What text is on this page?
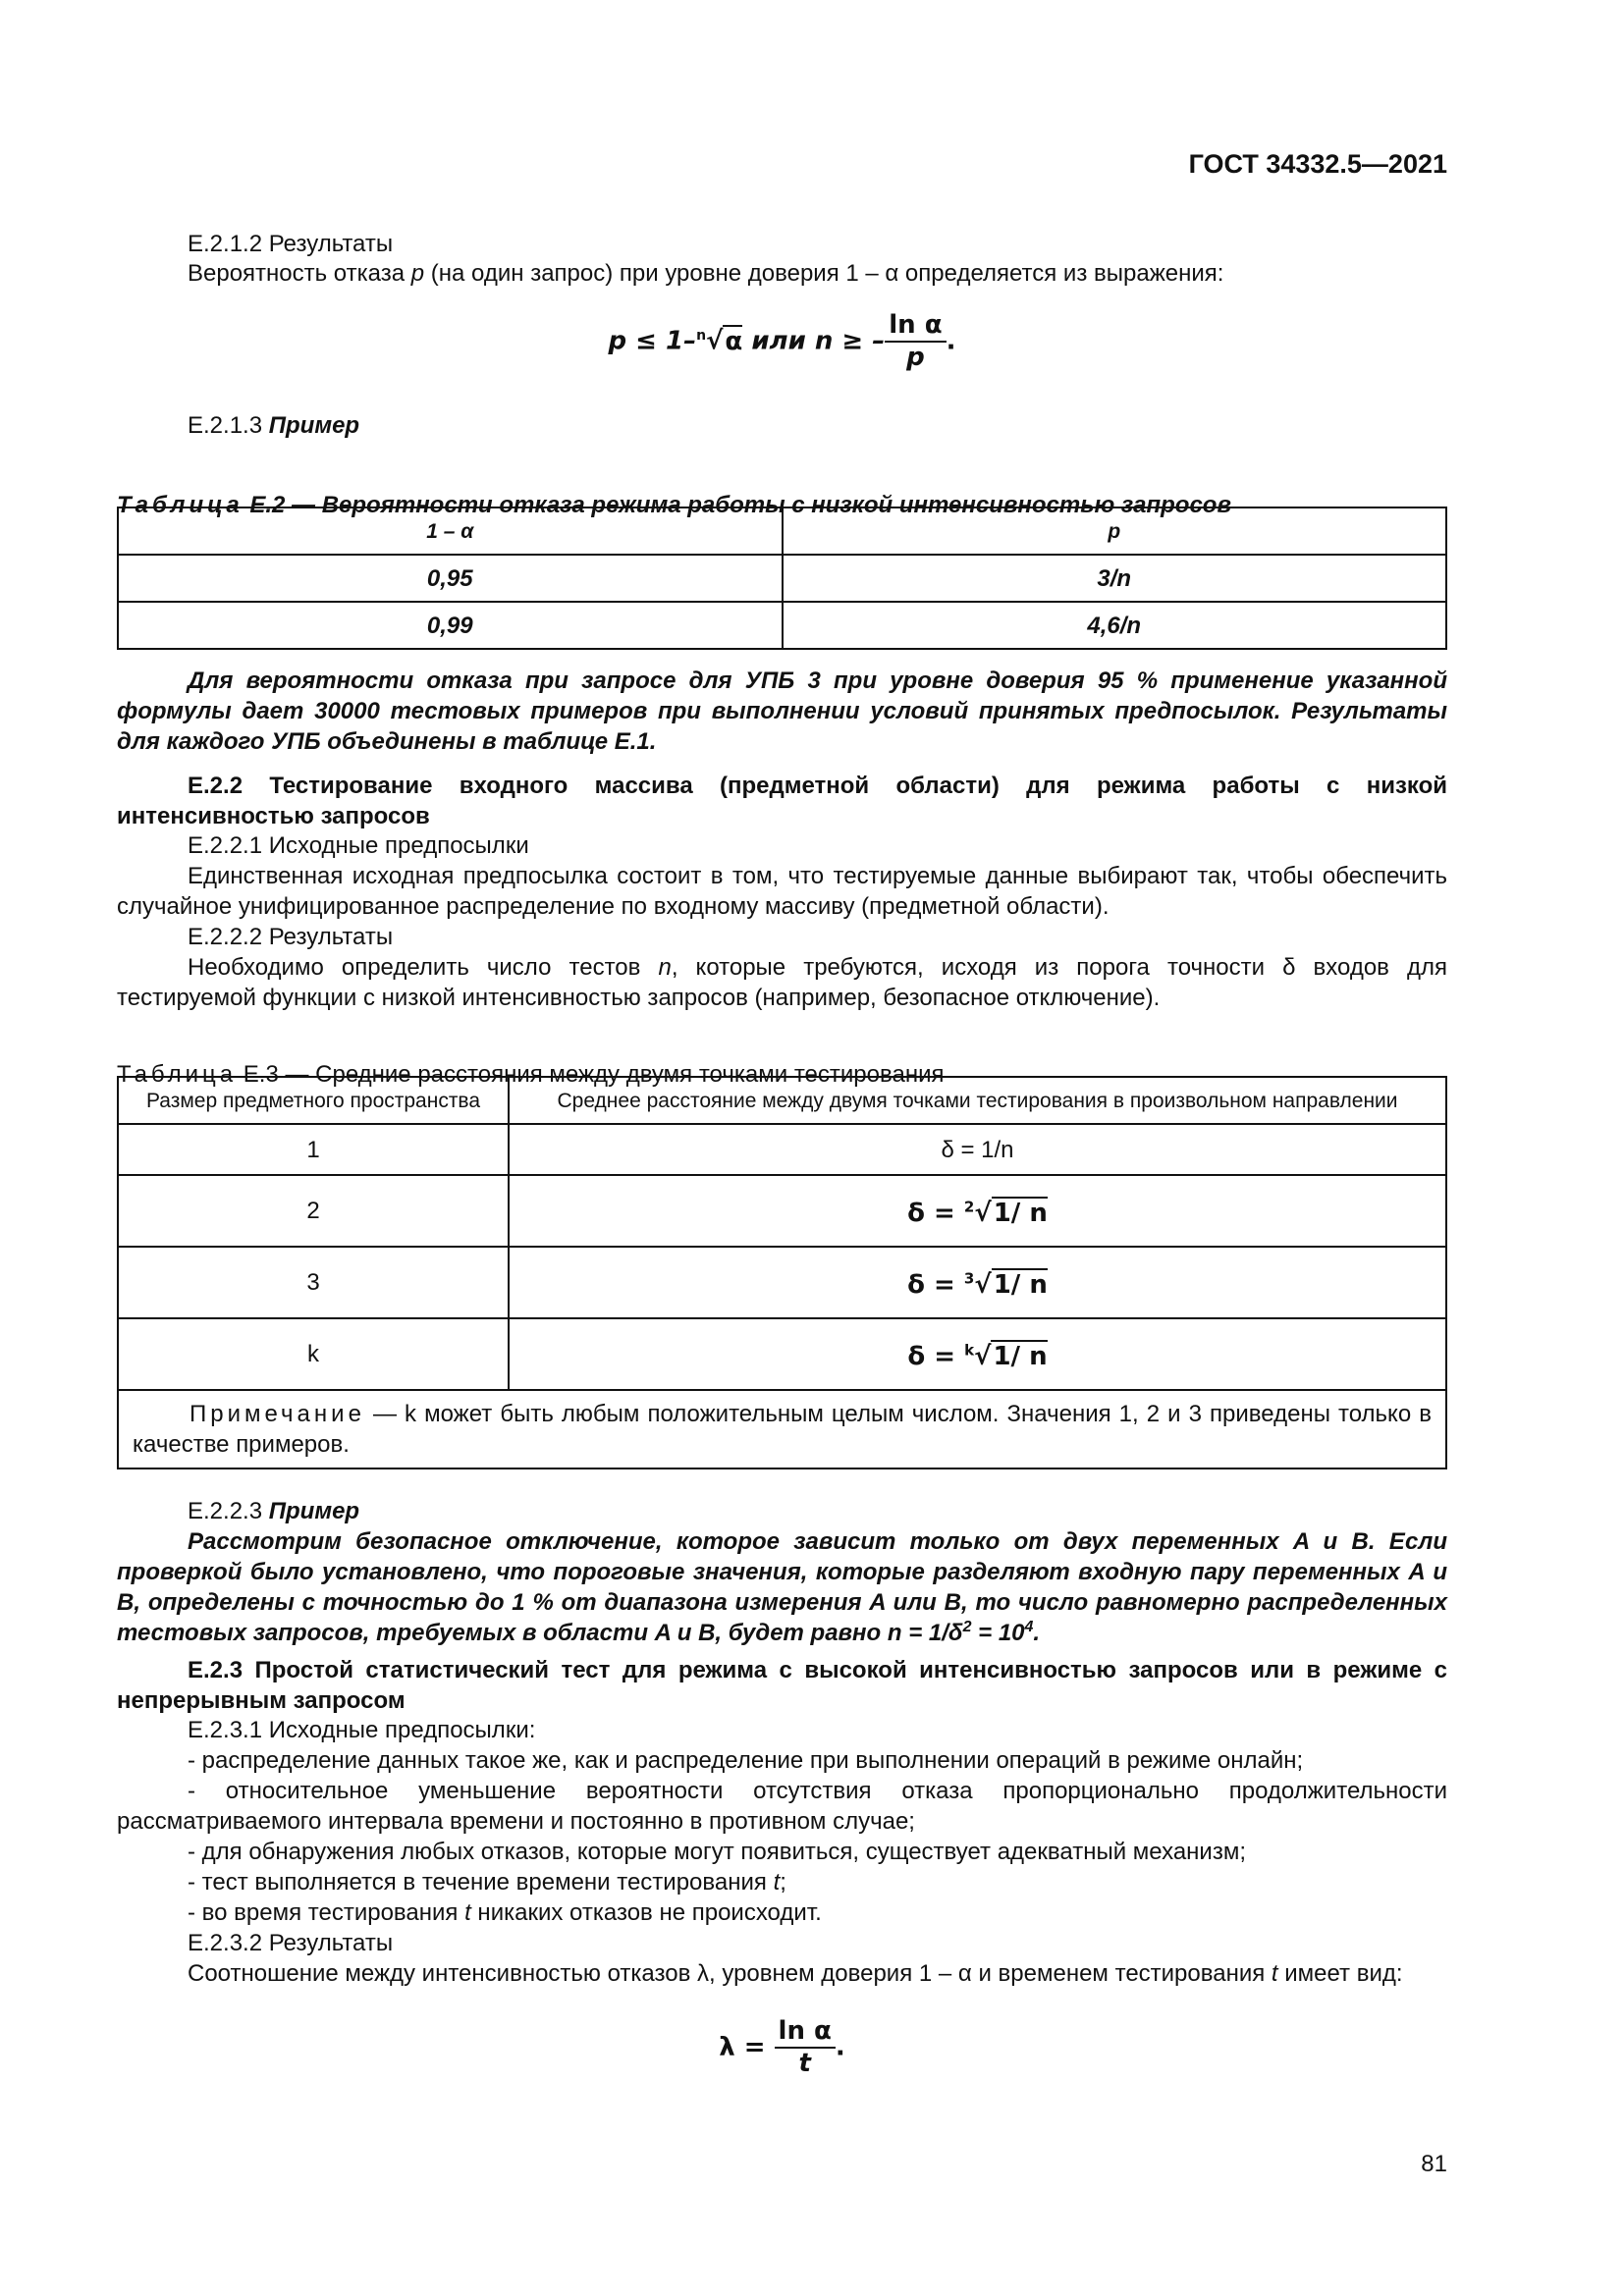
ГОСТ 34332.5—2021

Е.2.1.2 Результаты

Вероятность отказа p (на один запрос) при уровне доверия 1 – α определяется из выражения:

p ≤ 1–$^n$√α или n ≥ – $\frac{\text{ln α}}{p}$ .

Е.2.1.3 Пример

Таблица Е.2 — Вероятности отказа режима работы с низкой интенсивностью запросов

1 – α	p
0,95	3/n
0,99	4,6/n

Для вероятности отказа при запросе для УПБ 3 при уровне доверия 95 % применение указанной формулы дает 30000 тестовых примеров при выполнении условий принятых предпосылок. Результаты для каждого УПБ объединены в таблице Е.1.

Е.2.2 Тестирование входного массива (предметной области) для режима работы с низкой интенсивностью запросов

Е.2.2.1 Исходные предпосылки

Единственная исходная предпосылка состоит в том, что тестируемые данные выбирают так, чтобы обеспечить случайное унифицированное распределение по входному массиву (предметной области).

Е.2.2.2 Результаты

Необходимо определить число тестов n, которые требуются, исходя из порога точности δ входов для тестируемой функции с низкой интенсивностью запросов (например, безопасное отключение).

Таблица Е.3 — Средние расстояния между двумя точками тестирования

Размер предметного пространства	Среднее расстояние между двумя точками тестирования в произвольном направлении
1	δ = 1/n
2	δ = $^2$√1/ n
3	δ = $^3$√1/ n
k	δ = $^k$√1/ n
Примечание — k может быть любым положительным целым числом. Значения 1, 2 и 3 приведены только в качестве примеров.	

Е.2.2.3 Пример

Рассмотрим безопасное отключение, которое зависит только от двух переменных A и B. Если проверкой было установлено, что пороговые значения, которые разделяют входную пару переменных A и B, определены с точностью до 1 % от диапазона измерения A или B, то число равномерно распределенных тестовых запросов, требуемых в области A и B, будет равно $n = 1/\delta^2 = 10^4$.

Е.2.3 Простой статистический тест для режима с высокой интенсивностью запросов или в режиме с непрерывным запросом

Е.2.3.1 Исходные предпосылки:

- распределение данных такое же, как и распределение при выполнении операций в режиме онлайн;

- относительное уменьшение вероятности отсутствия отказа пропорционально продолжительности рассматриваемого интервала времени и постоянно в противном случае;

- для обнаружения любых отказов, которые могут появиться, существует адекватный механизм;

- тест выполняется в течение времени тестирования t;

- во время тестирования t никаких отказов не происходит.

Е.2.3.2 Результаты

Соотношение между интенсивностью отказов λ, уровнем доверия 1 – α и временем тестирования t имеет вид:

$\lambda = \frac{\text{ln α}}{t}$ .
81
